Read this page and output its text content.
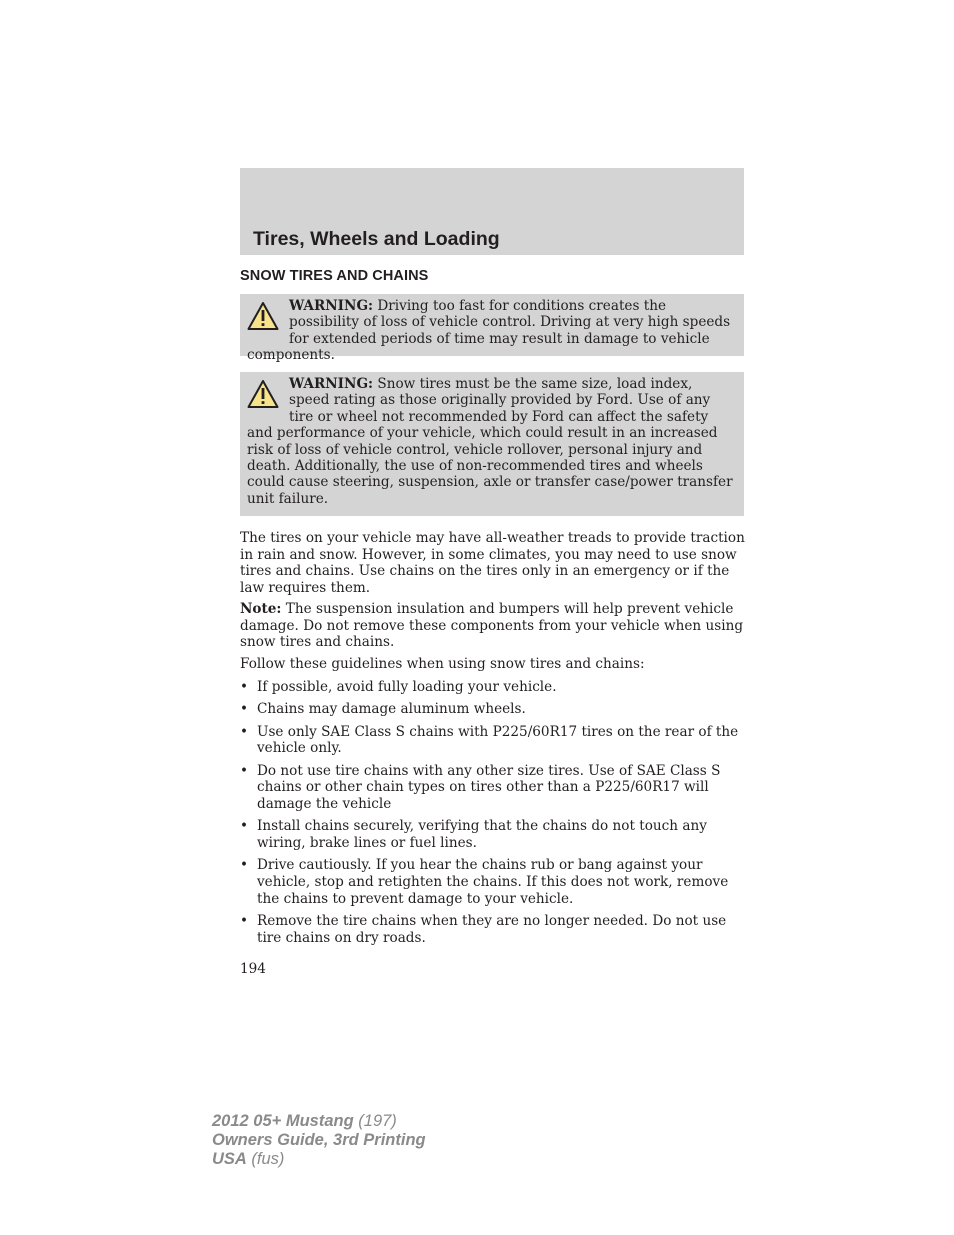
Tires, Wheels and Loading
SNOW TIRES AND CHAINS
WARNING: Driving too fast for conditions creates the possibility of loss of vehicle control. Driving at very high speeds for extended periods of time may result in damage to vehicle components.
WARNING: Snow tires must be the same size, load index, speed rating as those originally provided by Ford. Use of any tire or wheel not recommended by Ford can affect the safety and performance of your vehicle, which could result in an increased risk of loss of vehicle control, vehicle rollover, personal injury and death. Additionally, the use of non-recommended tires and wheels could cause steering, suspension, axle or transfer case/power transfer unit failure.

The tires on your vehicle may have all-weather treads to provide traction in rain and snow. However, in some climates, you may need to use snow tires and chains. Use chains on the tires only in an emergency or if the law requires them.

Note: The suspension insulation and bumpers will help prevent vehicle damage. Do not remove these components from your vehicle when using snow tires and chains.

Follow these guidelines when using snow tires and chains:

• If possible, avoid fully loading your vehicle.
• Chains may damage aluminum wheels.
• Use only SAE Class S chains with P225/60R17 tires on the rear of the vehicle only.
• Do not use tire chains with any other size tires. Use of SAE Class S chains or other chain types on tires other than a P225/60R17 will damage the vehicle
• Install chains securely, verifying that the chains do not touch any wiring, brake lines or fuel lines.
• Drive cautiously. If you hear the chains rub or bang against your vehicle, stop and retighten the chains. If this does not work, remove the chains to prevent damage to your vehicle.
• Remove the tire chains when they are no longer needed. Do not use tire chains on dry roads.
194
2012 05+ Mustang (197)
Owners Guide, 3rd Printing
USA (fus)
